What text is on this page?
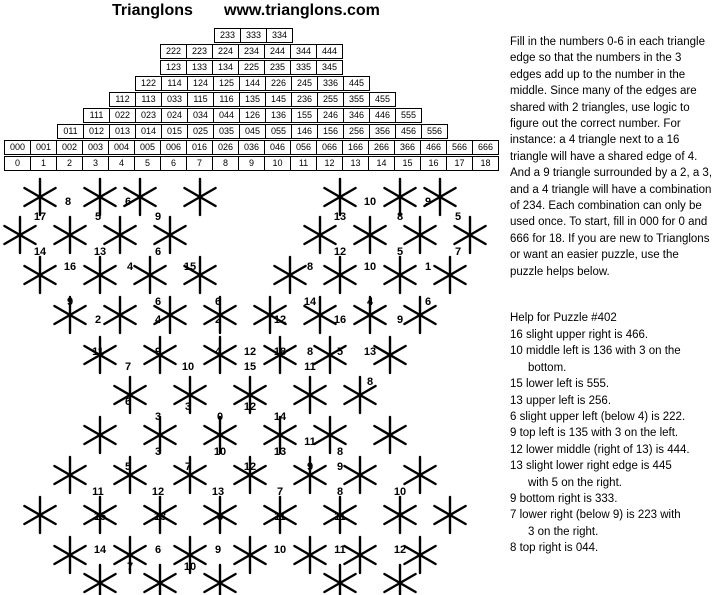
Trianglons www.trianglons.com
233	333	334
222	223	224	234	244	344	444
123	133	134	225	235	335	345
122	114	124	125	144	226	245	336	445
112	113	033	115	116	135	145	236	255	355	455
111	022	023	024	034	044	126	136	155	246	346	446	555
011	012	013	014	015	025	035	045	055	146	156	256	356	456	556
000	001	002	003	004	005	006	016	026	036	046	056	066	166	266	366	466	566	666
0	1	2	3	4	5	6	7	8	9	10	11	12	13	14	15	16	17	18
Fill in the numbers 0-6 in each triangle edge so that the numbers in the 3 edges add up to the number in the middle. Since many of the edges are shared with 2 triangles, use logic to figure out the correct number. For instance: a 4 triangle next to a 16 triangle will have a shared edge of 4. And a 9 triangle surrounded by a 2, a 3, and a 4 triangle will have a combination of 234. Each combination can only be used once. To start, fill in 000 for 0 and 666 for 18. If you are new to Trianglons or want an easier puzzle, use the puzzle helps below.
Help for Puzzle #402
16 slight upper right is 466.
10 middle left is 136 with 3 on the
bottom.
15 lower left is 555.
13 upper left is 256.
6 slight upper left (below 4) is 222.
9 top left is 135 with 3 on the left.
12 lower middle (right of 13) is 444.
13 slight lower right edge is 445
with 5 on the right.
9 bottom right is 333.
7 lower right (below 9) is 223 with
3 on the right.
8 top right is 044.
8	6
17	5	9
14	13	6
16	4	15
9	6	6
2	4	2
11	9	4
7	10
10	9
13	8	5
12	5	7
8	10	1
14	4	6
12	16	9
12	8 5
18
15	11
13
8
6	3	12
3	0	14
3	10	13	8
11
5	7	12	9 9
11	12	13	7	8	10
15	13	8	11	11	7
14	6	9	10	11	12
7	10
